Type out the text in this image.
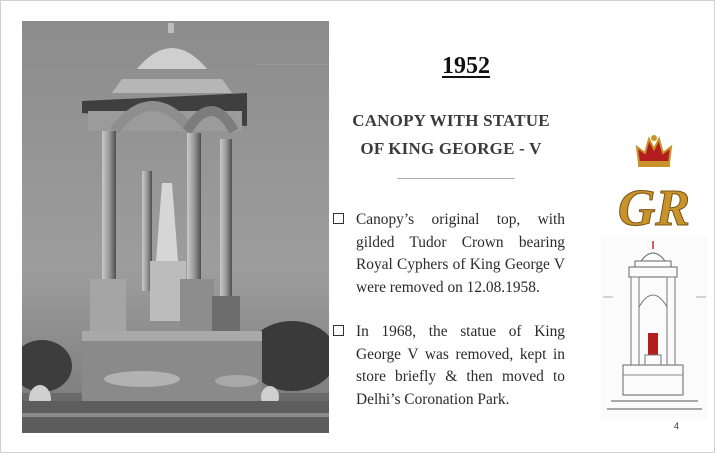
1952
CANOPY WITH STATUE
OF KING GEORGE - V

Canopy’s original top, with gilded Tudor Crown bearing Royal Cyphers of King George V were removed on 12.08.1958.

In 1968, the statue of King George V was removed, kept in store briefly & then moved to Delhi’s Coronation Park.

GR
4
